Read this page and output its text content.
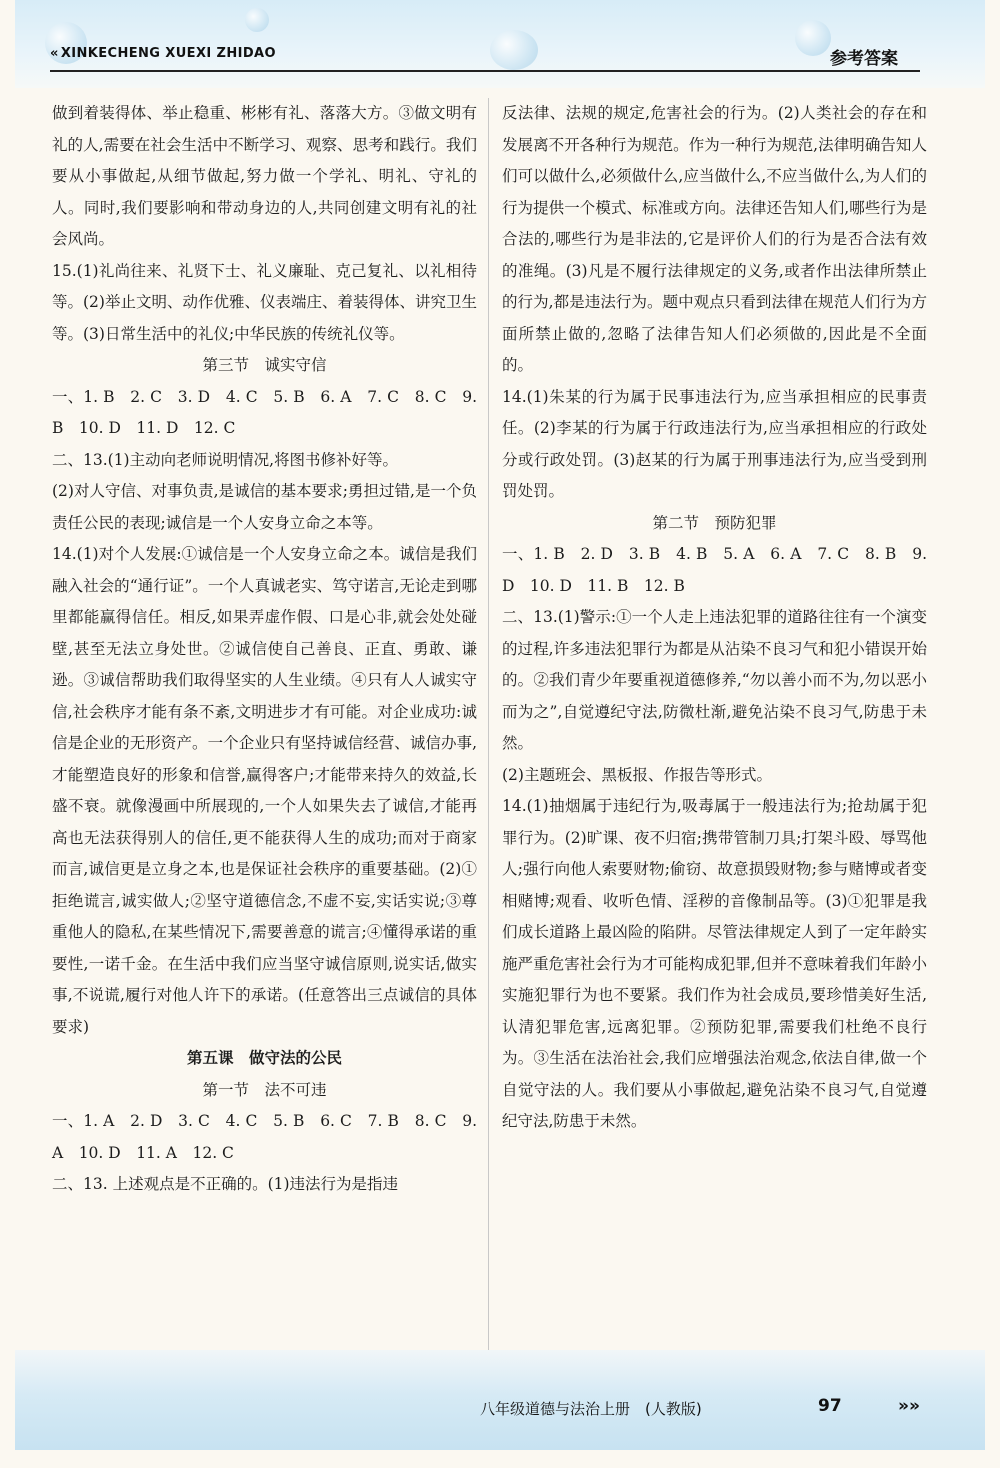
« XINKECHENG XUEXI ZHIDAO	参考答案

做到着装得体、举止稳重、彬彬有礼、落落大方。③做文明有礼的人,需要在社会生活中不断学习、观察、思考和践行。我们要从小事做起,从细节做起,努力做一个学礼、明礼、守礼的人。同时,我们要影响和带动身边的人,共同创建文明有礼的社会风尚。

15.(1)礼尚往来、礼贤下士、礼义廉耻、克己复礼、以礼相待等。(2)举止文明、动作优雅、仪表端庄、着装得体、讲究卫生等。(3)日常生活中的礼仪;中华民族的传统礼仪等。

第三节　诚实守信

一、1. B　2. C　3. D　4. C　5. B　6. A　7. C　8. C　9. B　10. D　11. D　12. C

二、13.(1)主动向老师说明情况,将图书修补好等。

(2)对人守信、对事负责,是诚信的基本要求;勇担过错,是一个负责任公民的表现;诚信是一个人安身立命之本等。

14.(1)对个人发展:①诚信是一个人安身立命之本。诚信是我们融入社会的“通行证”。一个人真诚老实、笃守诺言,无论走到哪里都能赢得信任。相反,如果弄虚作假、口是心非,就会处处碰壁,甚至无法立身处世。②诚信使自己善良、正直、勇敢、谦逊。③诚信帮助我们取得坚实的人生业绩。④只有人人诚实守信,社会秩序才能有条不紊,文明进步才有可能。对企业成功:诚信是企业的无形资产。一个企业只有坚持诚信经营、诚信办事,才能塑造良好的形象和信誉,赢得客户;才能带来持久的效益,长盛不衰。就像漫画中所展现的,一个人如果失去了诚信,才能再高也无法获得别人的信任,更不能获得人生的成功;而对于商家而言,诚信更是立身之本,也是保证社会秩序的重要基础。(2)①拒绝谎言,诚实做人;②坚守道德信念,不虚不妄,实话实说;③尊重他人的隐私,在某些情况下,需要善意的谎言;④懂得承诺的重要性,一诺千金。在生活中我们应当坚守诚信原则,说实话,做实事,不说谎,履行对他人许下的承诺。(任意答出三点诚信的具体要求)

第五课　做守法的公民

第一节　法不可违

一、1. A　2. D　3. C　4. C　5. B　6. C　7. B　8. C　9. A　10. D　11. A　12. C

二、13. 上述观点是不正确的。(1)违法行为是指违

反法律、法规的规定,危害社会的行为。(2)人类社会的存在和发展离不开各种行为规范。作为一种行为规范,法律明确告知人们可以做什么,必须做什么,应当做什么,不应当做什么,为人们的行为提供一个模式、标准或方向。法律还告知人们,哪些行为是合法的,哪些行为是非法的,它是评价人们的行为是否合法有效的准绳。(3)凡是不履行法律规定的义务,或者作出法律所禁止的行为,都是违法行为。题中观点只看到法律在规范人们行为方面所禁止做的,忽略了法律告知人们必须做的,因此是不全面的。

14.(1)朱某的行为属于民事违法行为,应当承担相应的民事责任。(2)李某的行为属于行政违法行为,应当承担相应的行政处分或行政处罚。(3)赵某的行为属于刑事违法行为,应当受到刑罚处罚。

第二节　预防犯罪

一、1. B　2. D　3. B　4. B　5. A　6. A　7. C　8. B　9. D　10. D　11. B　12. B

二、13.(1)警示:①一个人走上违法犯罪的道路往往有一个演变的过程,许多违法犯罪行为都是从沾染不良习气和犯小错误开始的。②我们青少年要重视道德修养,“勿以善小而不为,勿以恶小而为之”,自觉遵纪守法,防微杜渐,避免沾染不良习气,防患于未然。

(2)主题班会、黑板报、作报告等形式。

14.(1)抽烟属于违纪行为,吸毒属于一般违法行为;抢劫属于犯罪行为。(2)旷课、夜不归宿;携带管制刀具;打架斗殴、辱骂他人;强行向他人索要财物;偷窃、故意损毁财物;参与赌博或者变相赌博;观看、收听色情、淫秽的音像制品等。(3)①犯罪是我们成长道路上最凶险的陷阱。尽管法律规定人到了一定年龄实施严重危害社会行为才可能构成犯罪,但并不意味着我们年龄小实施犯罪行为也不要紧。我们作为社会成员,要珍惜美好生活,认清犯罪危害,远离犯罪。②预防犯罪,需要我们杜绝不良行为。③生活在法治社会,我们应增强法治观念,依法自律,做一个自觉守法的人。我们要从小事做起,避免沾染不良习气,自觉遵纪守法,防患于未然。

八年级道德与法治上册　(人教版)	97	»»
